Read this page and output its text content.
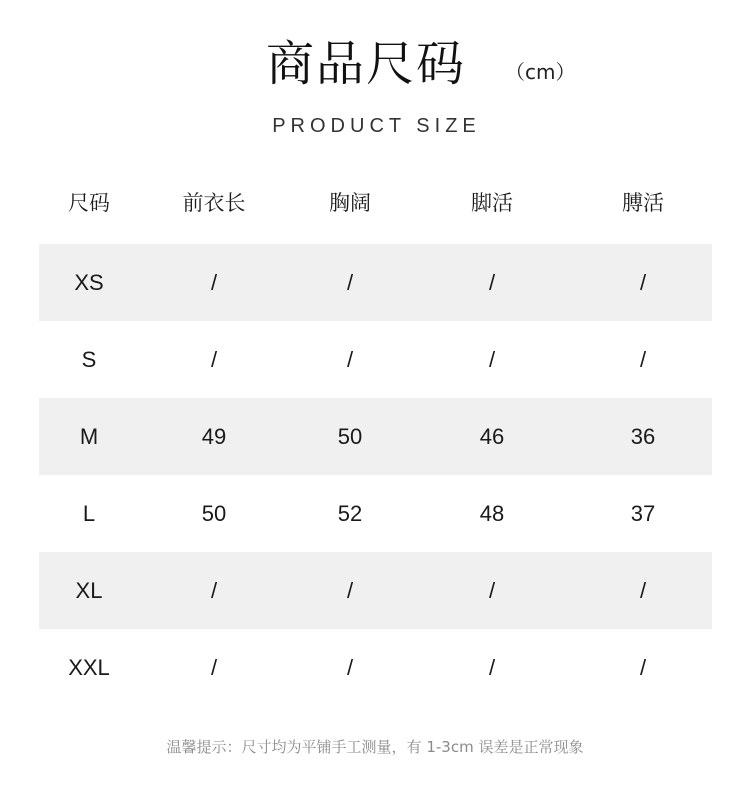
商品尺码 （cm）
PRODUCT SIZE
尺码	前衣长	胸阔	脚活	膊活
XS	/	/	/	/
S	/	/	/	/
M	49	50	46	36
L	50	52	48	37
XL	/	/	/	/
XXL	/	/	/	/
温馨提示：尺寸均为平铺手工测量，有 1-3cm 误差是正常现象
